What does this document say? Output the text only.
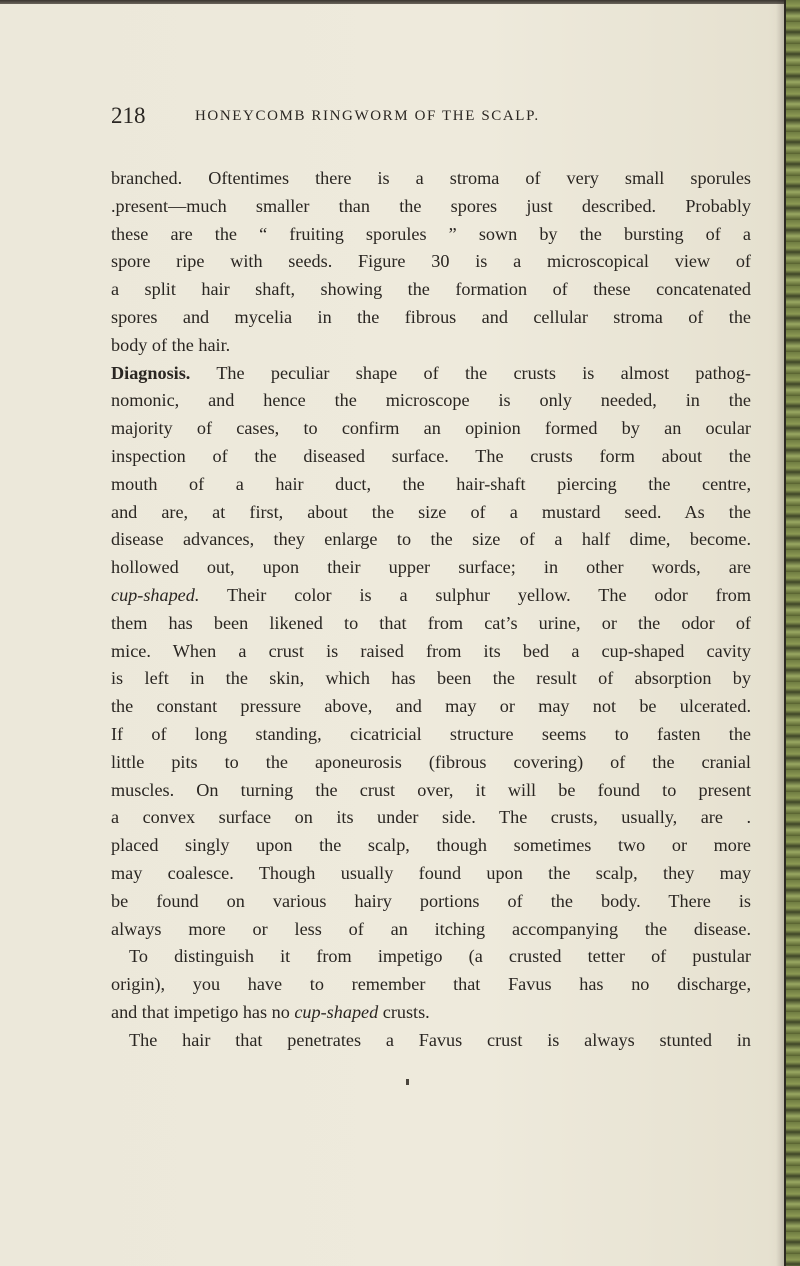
218	HONEYCOMB RINGWORM OF THE SCALP.
branched. Oftentimes there is a stroma of very small sporules
.present—much smaller than the spores just described. Probably
these are the “ fruiting sporules ” sown by the bursting of a
spore ripe with seeds. Figure 30 is a microscopical view of
a split hair shaft, showing the formation of these concatenated
spores and mycelia in the fibrous and cellular stroma of the
body of the hair.
Diagnosis. The peculiar shape of the crusts is almost pathog-
nomonic, and hence the microscope is only needed, in the
majority of cases, to confirm an opinion formed by an ocular
inspection of the diseased surface. The crusts form about the
mouth of a hair duct, the hair-shaft piercing the centre,
and are, at first, about the size of a mustard seed. As the
disease advances, they enlarge to the size of a half dime, become.
hollowed out, upon their upper surface; in other words, are
cup-shaped. Their color is a sulphur yellow. The odor from
them has been likened to that from cat’s urine, or the odor of
mice. When a crust is raised from its bed a cup-shaped cavity
is left in the skin, which has been the result of absorption by
the constant pressure above, and may or may not be ulcerated.
If of long standing, cicatricial structure seems to fasten the
little pits to the aponeurosis (fibrous covering) of the cranial
muscles. On turning the crust over, it will be found to present
a convex surface on its under side. The crusts, usually, are .
placed singly upon the scalp, though sometimes two or more
may coalesce. Though usually found upon the scalp, they may
be found on various hairy portions of the body. There is
always more or less of an itching accompanying the disease.
To distinguish it from impetigo (a crusted tetter of pustular
origin), you have to remember that Favus has no discharge,
and that impetigo has no cup-shaped crusts.
The hair that penetrates a Favus crust is always stunted in
